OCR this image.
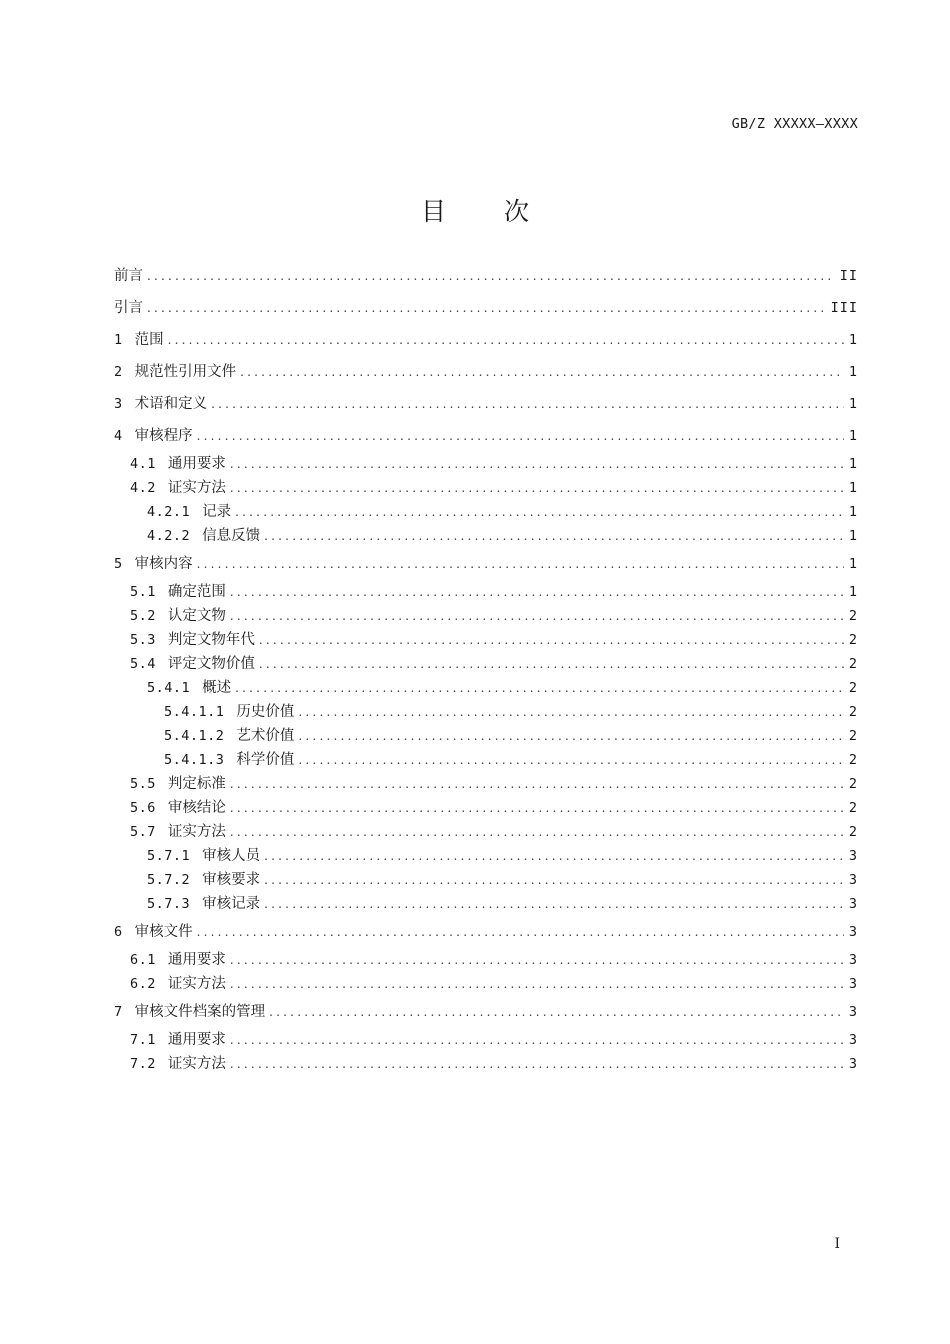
GB/Z XXXXX—XXXX
目 次
前言 .....	II
引言 .....	III
1 范围 .....	1
2 规范性引用文件 .....	1
3 术语和定义 .....	1
4 审核程序 .....	1
4.1 通用要求 .....	1
4.2 证实方法 .....	1
4.2.1 记录 .....	1
4.2.2 信息反馈 .....	1
5 审核内容 .....	1
5.1 确定范围 .....	1
5.2 认定文物 .....	2
5.3 判定文物年代 .....	2
5.4 评定文物价值 .....	2
5.4.1 概述 .....	2
5.4.1.1 历史价值 .....	2
5.4.1.2 艺术价值 .....	2
5.4.1.3 科学价值 .....	2
5.5 判定标准 .....	2
5.6 审核结论 .....	2
5.7 证实方法 .....	2
5.7.1 审核人员 .....	3
5.7.2 审核要求 .....	3
5.7.3 审核记录 .....	3
6 审核文件 .....	3
6.1 通用要求 .....	3
6.2 证实方法 .....	3
7 审核文件档案的管理 .....	3
7.1 通用要求 .....	3
7.2 证实方法 .....	3
I
